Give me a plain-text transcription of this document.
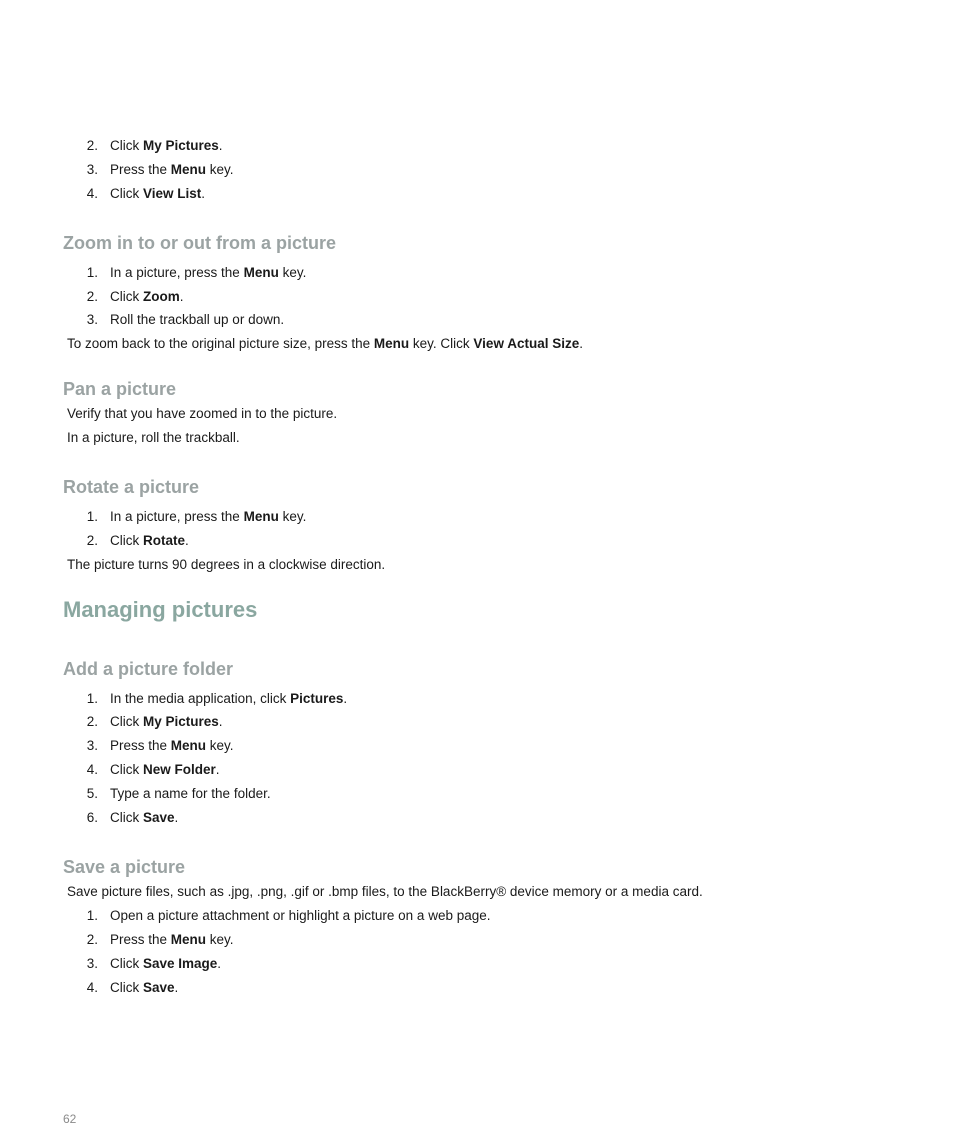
2. Click My Pictures.
3. Press the Menu key.
4. Click View List.
Zoom in to or out from a picture
1. In a picture, press the Menu key.
2. Click Zoom.
3. Roll the trackball up or down.
To zoom back to the original picture size, press the Menu key. Click View Actual Size.
Pan a picture
Verify that you have zoomed in to the picture.
In a picture, roll the trackball.
Rotate a picture
1. In a picture, press the Menu key.
2. Click Rotate.
The picture turns 90 degrees in a clockwise direction.
Managing pictures
Add a picture folder
1. In the media application, click Pictures.
2. Click My Pictures.
3. Press the Menu key.
4. Click New Folder.
5. Type a name for the folder.
6. Click Save.
Save a picture
Save picture files, such as .jpg, .png, .gif or .bmp files, to the BlackBerry® device memory or a media card.
1. Open a picture attachment or highlight a picture on a web page.
2. Press the Menu key.
3. Click Save Image.
4. Click Save.
62
